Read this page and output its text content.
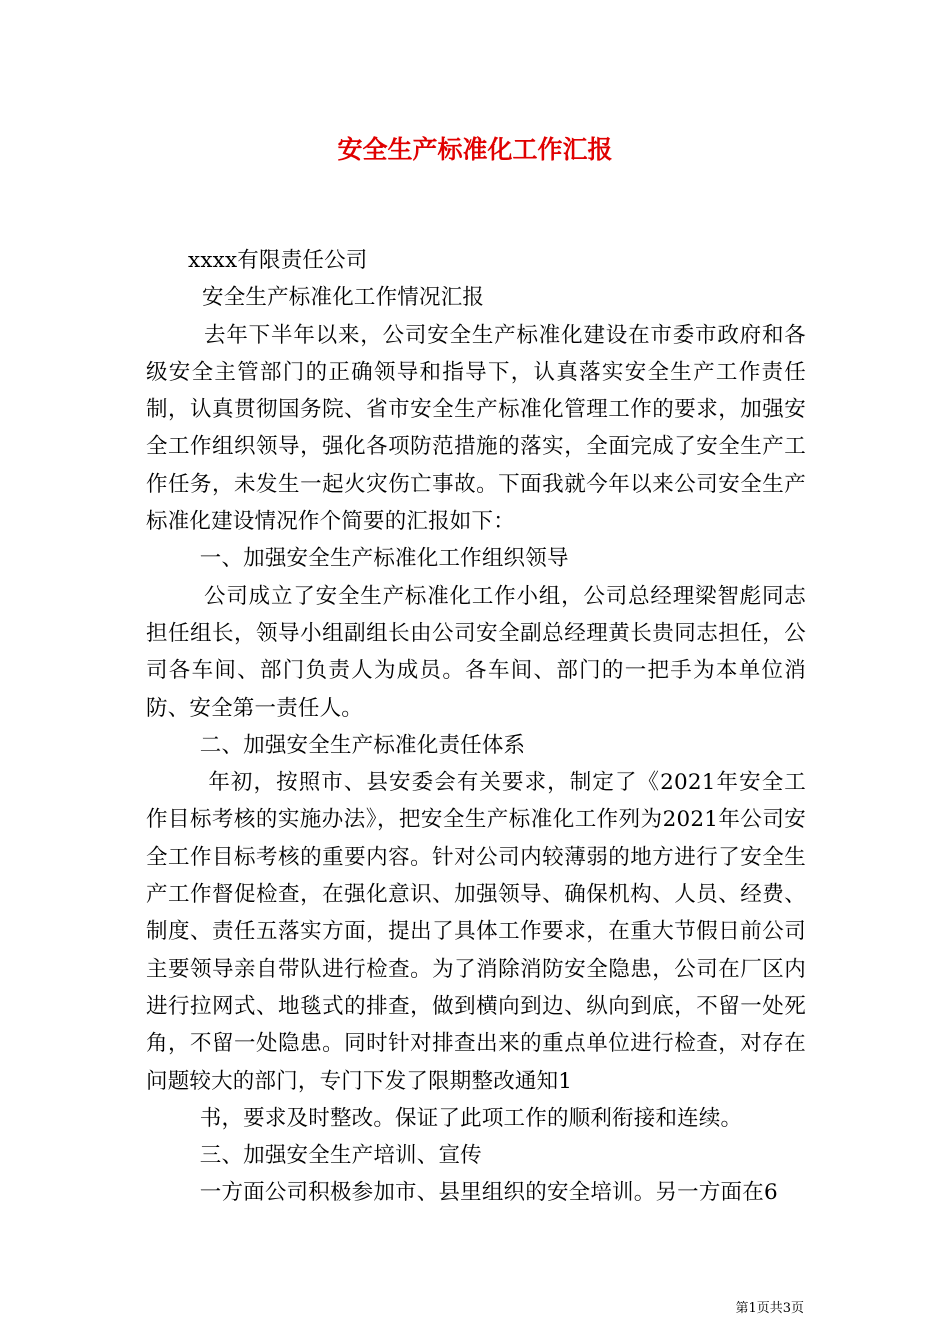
安全生产标准化工作汇报

xxxx有限责任公司

安全生产标准化工作情况汇报

去年下半年以来，公司安全生产标准化建设在市委市政府和各级安全主管部门的正确领导和指导下，认真落实安全生产工作责任制，认真贯彻国务院、省市安全生产标准化管理工作的要求，加强安全工作组织领导，强化各项防范措施的落实，全面完成了安全生产工作任务，未发生一起火灾伤亡事故。下面我就今年以来公司安全生产标准化建设情况作个简要的汇报如下：

一、加强安全生产标准化工作组织领导

公司成立了安全生产标准化工作小组，公司总经理梁智彪同志担任组长，领导小组副组长由公司安全副总经理黄长贵同志担任，公司各车间、部门负责人为成员。各车间、部门的一把手为本单位消防、安全第一责任人。

二、加强安全生产标准化责任体系

年初，按照市、县安委会有关要求，制定了《2021年安全工作目标考核的实施办法》，把安全生产标准化工作列为2021年公司安全工作目标考核的重要内容。针对公司内较薄弱的地方进行了安全生产工作督促检查，在强化意识、加强领导、确保机构、人员、经费、制度、责任五落实方面，提出了具体工作要求，在重大节假日前公司主要领导亲自带队进行检查。为了消除消防安全隐患，公司在厂区内进行拉网式、地毯式的排查，做到横向到边、纵向到底，不留一处死角，不留一处隐患。同时针对排查出来的重点单位进行检查，对存在问题较大的部门，专门下发了限期整改通知1

书，要求及时整改。保证了此项工作的顺利衔接和连续。

三、加强安全生产培训、宣传

一方面公司积极参加市、县里组织的安全培训。另一方面在6

第1页共3页
